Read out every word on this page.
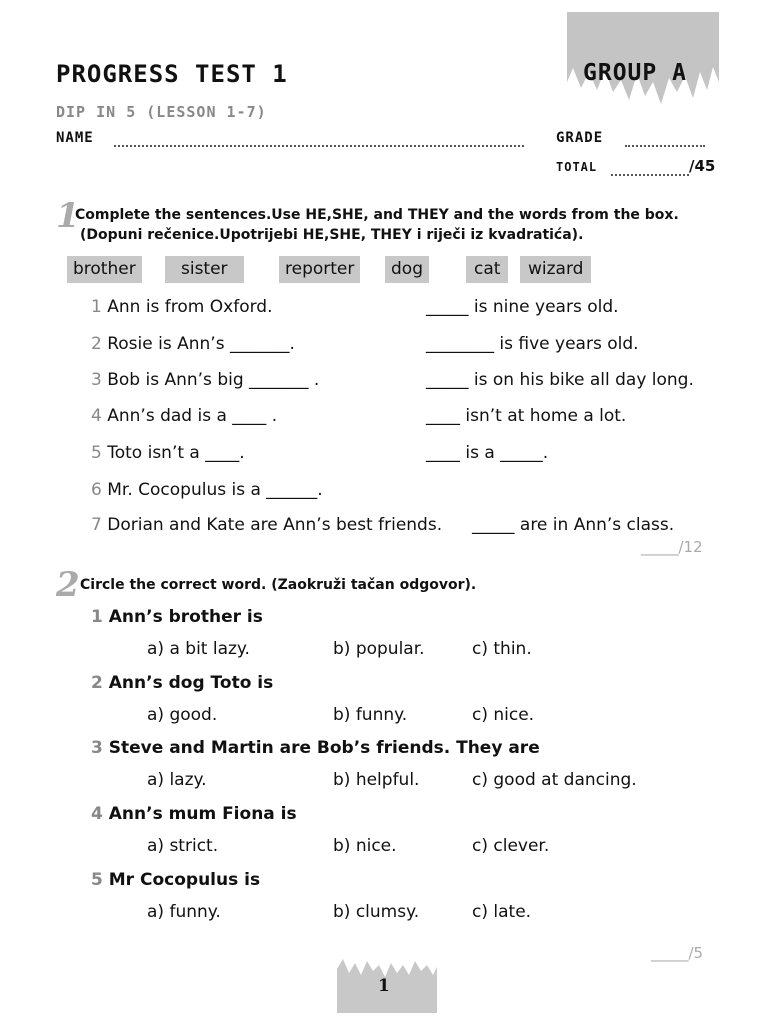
PROGRESS TEST 1	GROUP A
DIP IN 5 (LESSON 1-7)
NAME	GRADE
TOTAL	/45
1
Complete the sentences.Use HE,SHE, and THEY and the words from the box.
(Dopuni rečenice.Upotrijebi HE,SHE, THEY i riječi iz kvadratića).
brother	sister	reporter	dog	cat	wizard
1 Ann is from Oxford.	_____ is nine years old.
2 Rosie is Ann’s _______.	________ is five years old.
3 Bob is Ann’s big _______ .	_____ is on his bike all day long.
4 Ann’s dad is a ____ .	____ isn’t at home a lot.
5 Toto isn’t a ____.	____ is a _____.
6 Mr. Cocopulus is a ______.
7 Dorian and Kate are Ann’s best friends. _____ are in Ann’s class.
_____/12
2 Circle the correct word. (Zaokruži tačan odgovor).
1 Ann’s brother is
a) a bit lazy.	b) popular.	c) thin.
2 Ann’s dog Toto is
a) good.	b) funny.	c) nice.
3 Steve and Martin are Bob’s friends. They are
a) lazy.	b) helpful.	c) good at dancing.
4 Ann’s mum Fiona is
a) strict.	b) nice.	c) clever.
5 Mr Cocopulus is
a) funny.	b) clumsy.	c) late.
_____/5
1
